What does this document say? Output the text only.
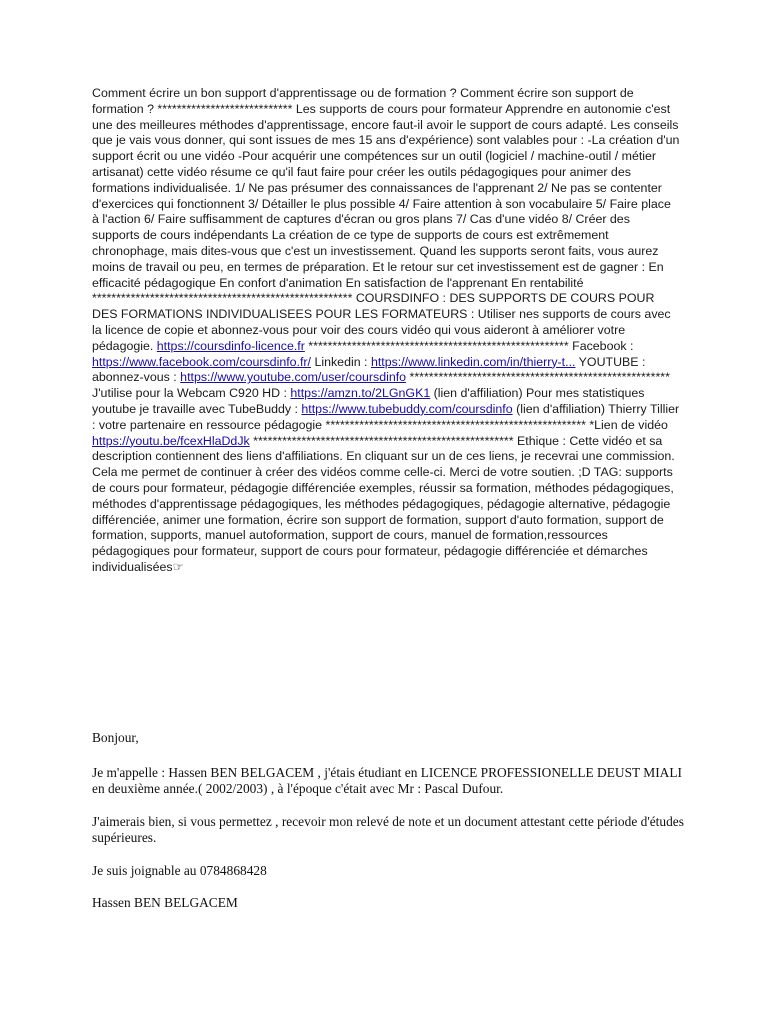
Comment écrire un bon support d'apprentissage ou de formation ? Comment écrire son support de formation ? **************************** Les supports de cours pour formateur Apprendre en autonomie c'est une des meilleures méthodes d'apprentissage, encore faut-il avoir le support de cours adapté. Les conseils que je vais vous donner, qui sont issues de mes 15 ans d'expérience) sont valables pour : -La création d'un support écrit ou une vidéo -Pour acquérir une compétences sur un outil (logiciel / machine-outil / métier artisanat) cette vidéo résume ce qu'il faut faire pour créer les outils pédagogiques pour animer des formations individualisée. 1/ Ne pas présumer des connaissances de l'apprenant 2/ Ne pas se contenter d'exercices qui fonctionnent 3/ Détailler le plus possible 4/ Faire attention à son vocabulaire 5/ Faire place à l'action 6/ Faire suffisamment de captures d'écran ou gros plans 7/ Cas d'une vidéo 8/ Créer des supports de cours indépendants La création de ce type de supports de cours est extrêmement chronophage, mais dites-vous que c'est un investissement. Quand les supports seront faits, vous aurez moins de travail ou peu, en termes de préparation. Et le retour sur cet investissement est de gagner : En efficacité pédagogique En confort d'animation En satisfaction de l'apprenant En rentabilité ****************************************************** COURSDINFO : DES SUPPORTS DE COURS POUR DES FORMATIONS INDIVIDUALISEES POUR LES FORMATEURS : Utiliser nes supports de cours avec la licence de copie et abonnez-vous pour voir des cours vidéo qui vous aideront à améliorer votre pédagogie. https://coursdinfo-licence.fr ****************************************************** Facebook : https://www.facebook.com/coursdinfo.fr/ Linkedin : https://www.linkedin.com/in/thierry-t... YOUTUBE : abonnez-vous : https://www.youtube.com/user/coursdinfo ****************************************************** J'utilise pour la Webcam C920 HD : https://amzn.to/2LGnGK1 (lien d'affiliation) Pour mes statistiques youtube je travaille avec TubeBuddy : https://www.tubebuddy.com/coursdinfo (lien d'affiliation) Thierry Tillier : votre partenaire en ressource pédagogie ****************************************************** *Lien de vidéo https://youtu.be/fcexHlaDdJk ****************************************************** Ethique : Cette vidéo et sa description contiennent des liens d'affiliations. En cliquant sur un de ces liens, je recevrai une commission. Cela me permet de continuer à créer des vidéos comme celle-ci. Merci de votre soutien. ;D TAG: supports de cours pour formateur, pédagogie différenciée exemples, réussir sa formation, méthodes pédagogiques, méthodes d'apprentissage pédagogiques, les méthodes pédagogiques, pédagogie alternative, pédagogie différenciée, animer une formation, écrire son support de formation, support d'auto formation, support de formation, supports, manuel autoformation, support de cours, manuel de formation,ressources pédagogiques pour formateur, support de cours pour formateur, pédagogie différenciée et démarches individualisées☞

Bonjour,

Je m'appelle : Hassen BEN BELGACEM , j'étais étudiant en LICENCE PROFESSIONELLE DEUST MIALI en deuxième année.( 2002/2003) , à l'époque c'était avec Mr : Pascal Dufour.

J'aimerais bien, si vous permettez , recevoir mon relevé de note et un document attestant cette période d'études supérieures.

Je suis joignable au 0784868428

Hassen BEN BELGACEM
